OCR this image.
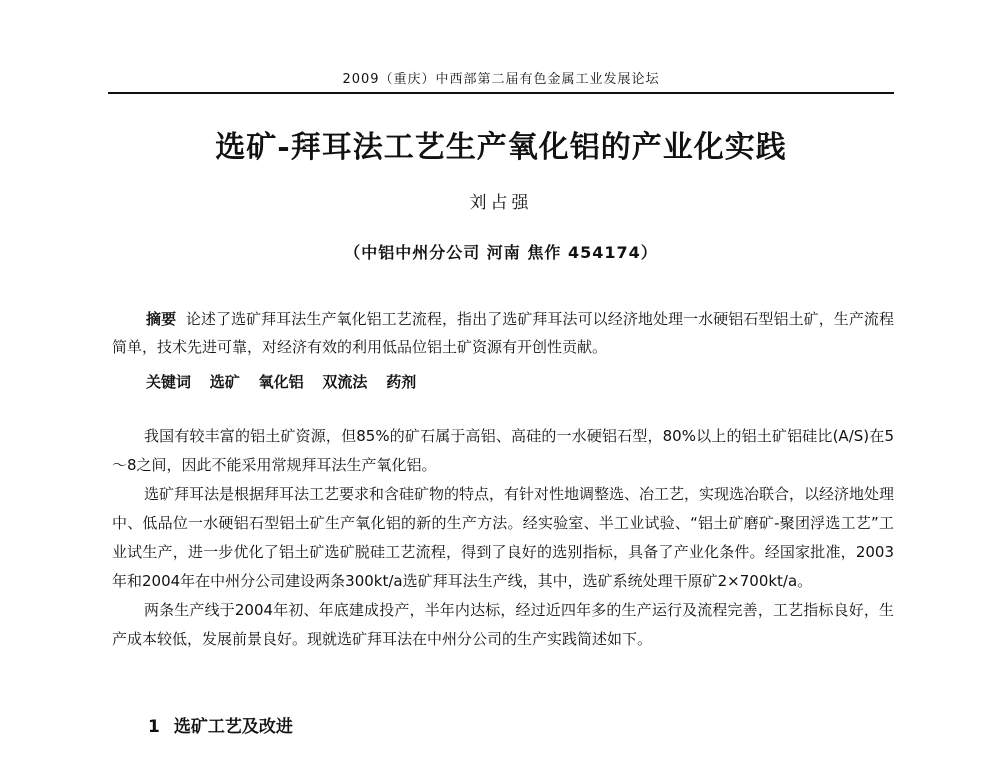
2009（重庆）中西部第二届有色金属工业发展论坛
选矿-拜耳法工艺生产氧化铝的产业化实践
刘占强
（中铝中州分公司 河南 焦作 454174）
摘要 论述了选矿拜耳法生产氧化铝工艺流程，指出了选矿拜耳法可以经济地处理一水硬铝石型铝土矿，生产流程简单，技术先进可靠，对经济有效的利用低品位铝土矿资源有开创性贡献。
关键词 选矿 氧化铝 双流法 药剂

我国有较丰富的铝土矿资源，但85%的矿石属于高铝、高硅的一水硬铝石型，80%以上的铝土矿铝硅比(A/S)在5～8之间，因此不能采用常规拜耳法生产氧化铝。

选矿拜耳法是根据拜耳法工艺要求和含硅矿物的特点，有针对性地调整选、冶工艺，实现选冶联合，以经济地处理中、低品位一水硬铝石型铝土矿生产氧化铝的新的生产方法。经实验室、半工业试验、“铝土矿磨矿-聚团浮选工艺”工业试生产，进一步优化了铝土矿选矿脱硅工艺流程，得到了良好的选别指标，具备了产业化条件。经国家批准，2003年和2004年在中州分公司建设两条300kt/a选矿拜耳法生产线，其中，选矿系统处理干原矿2×700kt/a。

两条生产线于2004年初、年底建成投产，半年内达标，经过近四年多的生产运行及流程完善，工艺指标良好，生产成本较低，发展前景良好。现就选矿拜耳法在中州分公司的生产实践简述如下。

1 选矿工艺及改进
